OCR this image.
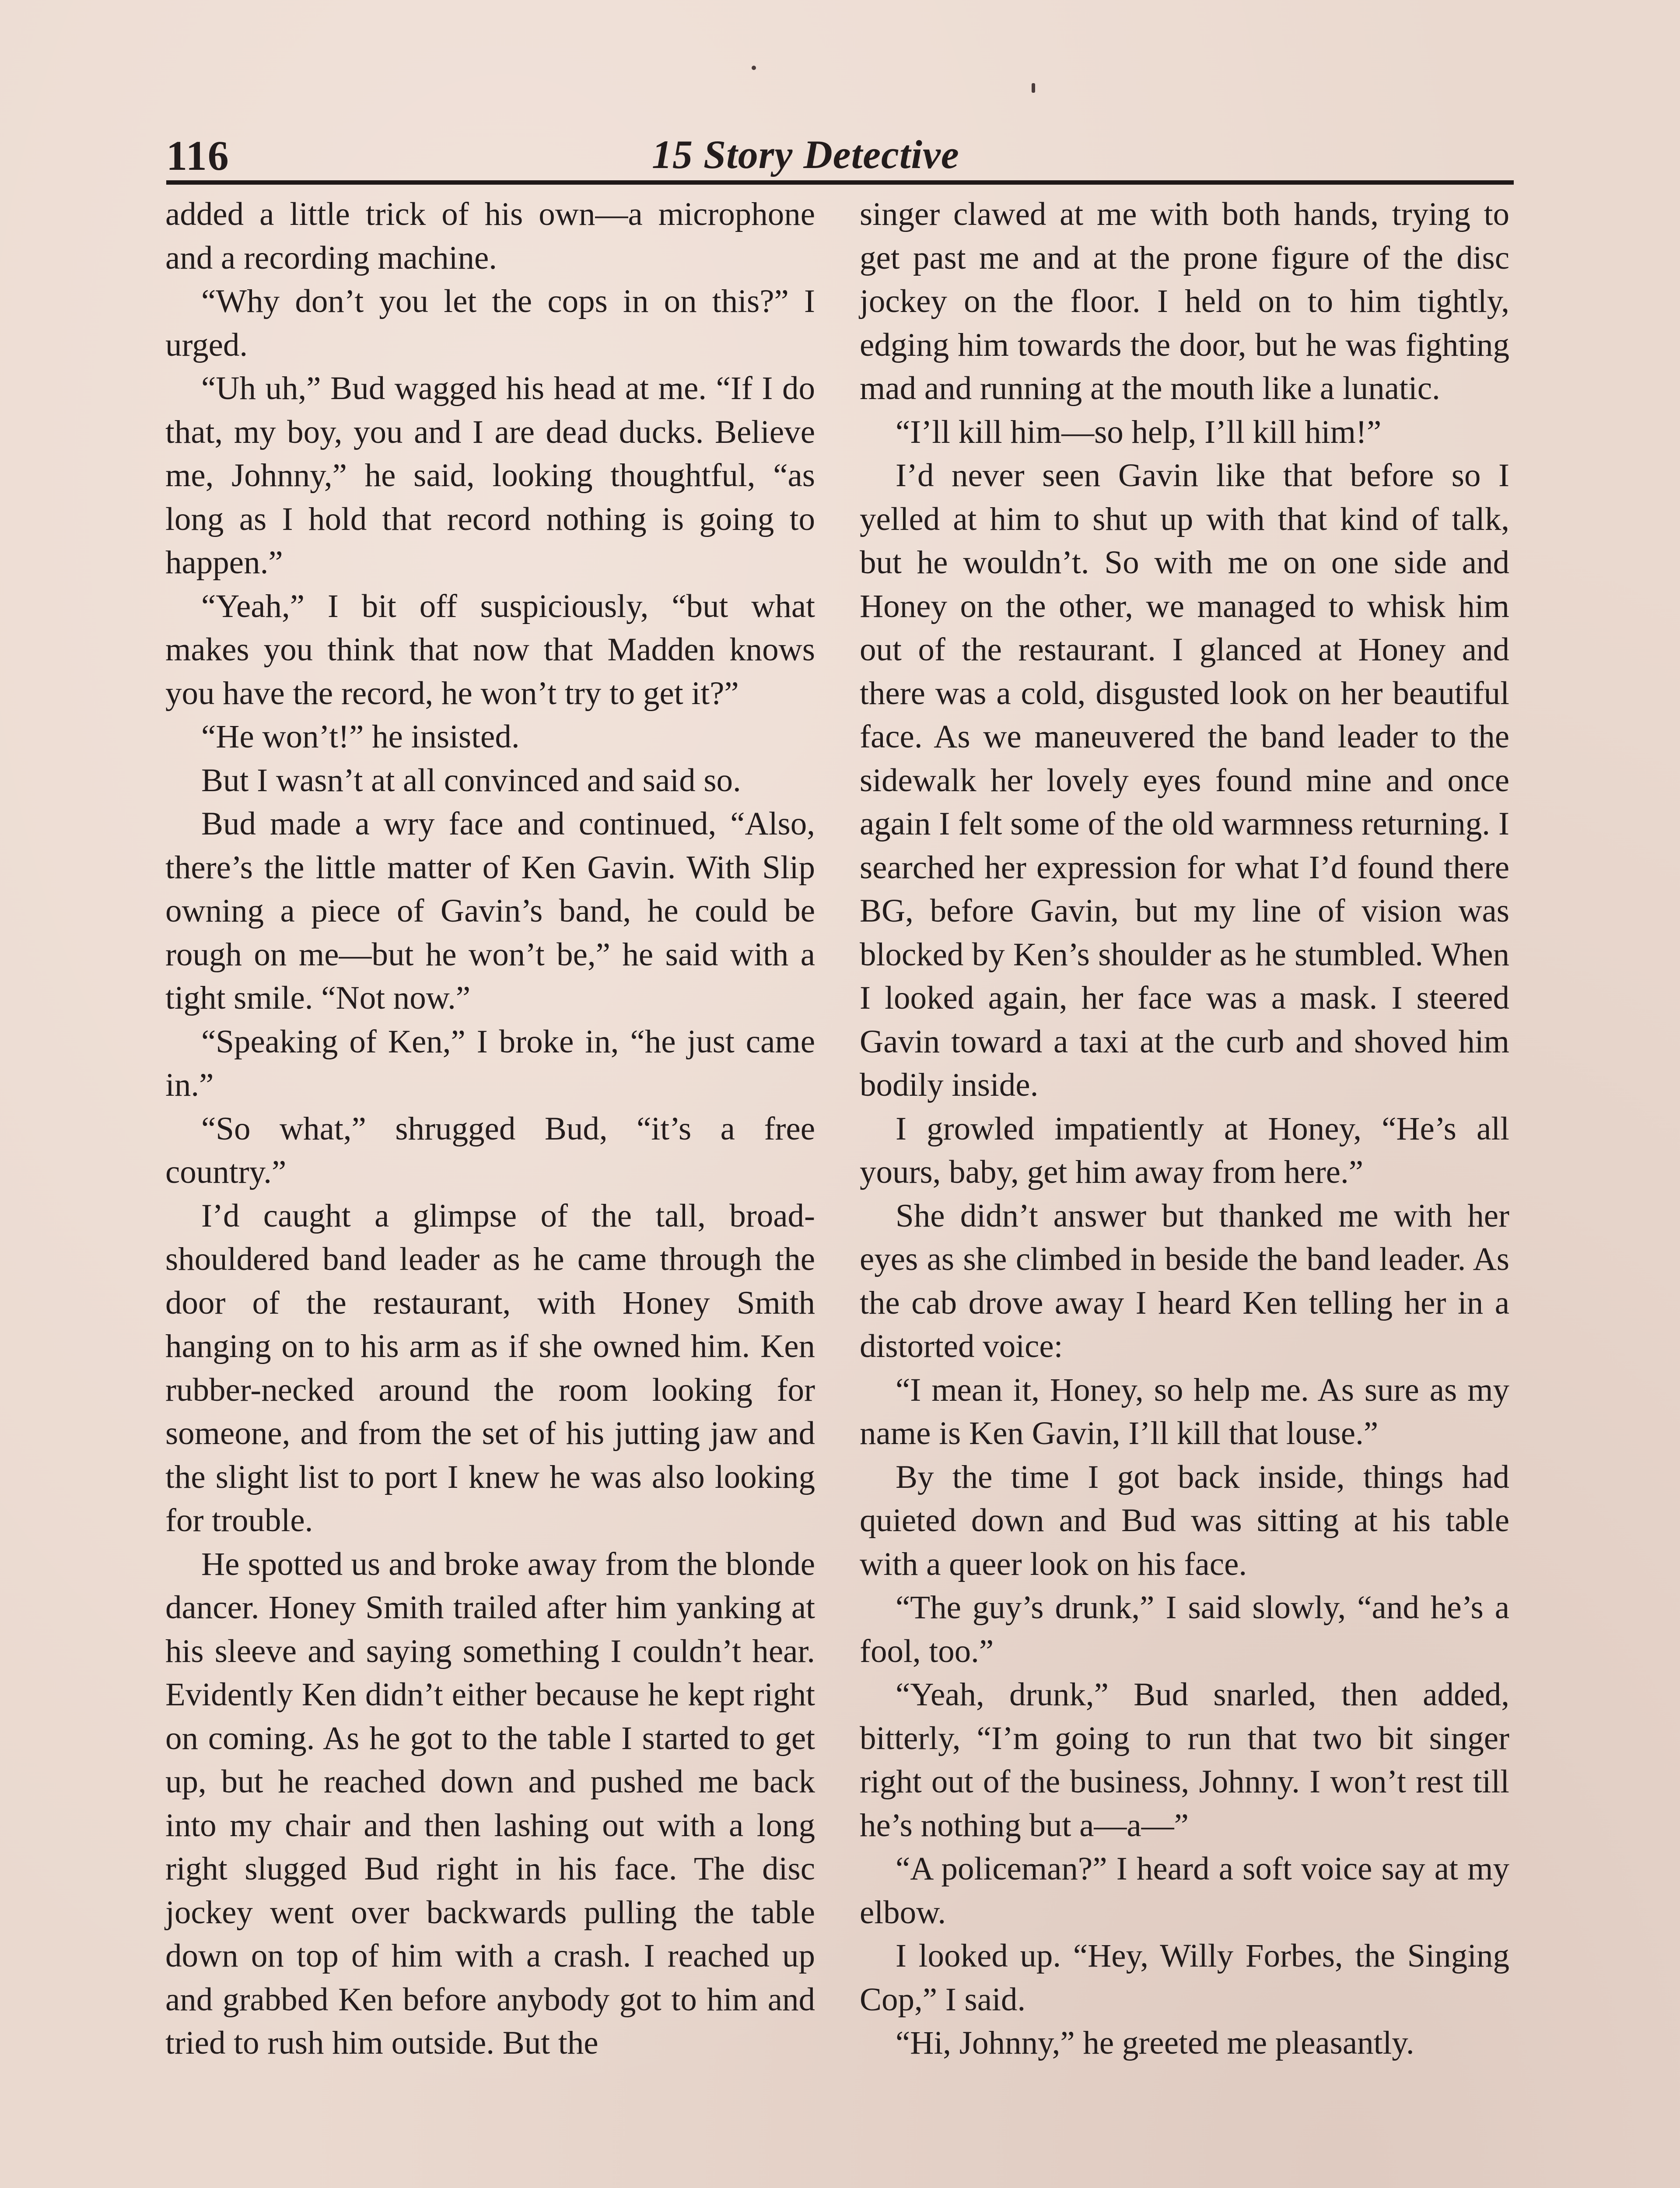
116	15 Story Detective

added a little trick of his own—a microphone and a recording machine.

“Why don’t you let the cops in on this?” I urged.

“Uh uh,” Bud wagged his head at me. “If I do that, my boy, you and I are dead ducks. Believe me, Johnny,” he said, looking thoughtful, “as long as I hold that record nothing is going to happen.”

“Yeah,” I bit off suspiciously, “but what makes you think that now that Madden knows you have the record, he won’t try to get it?”

“He won’t!” he insisted.

But I wasn’t at all convinced and said so.

Bud made a wry face and continued, “Also, there’s the little matter of Ken Gavin. With Slip owning a piece of Gavin’s band, he could be rough on me—but he won’t be,” he said with a tight smile. “Not now.”

“Speaking of Ken,” I broke in, “he just came in.”

“So what,” shrugged Bud, “it’s a free country.”

I’d caught a glimpse of the tall, broad-shouldered band leader as he came through the door of the restaurant, with Honey Smith hanging on to his arm as if she owned him. Ken rubber-necked around the room looking for someone, and from the set of his jutting jaw and the slight list to port I knew he was also looking for trouble.

He spotted us and broke away from the blonde dancer. Honey Smith trailed after him yanking at his sleeve and saying something I couldn’t hear. Evidently Ken didn’t either because he kept right on coming. As he got to the table I started to get up, but he reached down and pushed me back into my chair and then lashing out with a long right slugged Bud right in his face. The disc jockey went over backwards pulling the table down on top of him with a crash. I reached up and grabbed Ken before anybody got to him and tried to rush him outside. But the

singer clawed at me with both hands, trying to get past me and at the prone figure of the disc jockey on the floor. I held on to him tightly, edging him towards the door, but he was fighting mad and running at the mouth like a lunatic.

“I’ll kill him—so help, I’ll kill him!”

I’d never seen Gavin like that before so I yelled at him to shut up with that kind of talk, but he wouldn’t. So with me on one side and Honey on the other, we managed to whisk him out of the restaurant. I glanced at Honey and there was a cold, disgusted look on her beautiful face. As we maneuvered the band leader to the sidewalk her lovely eyes found mine and once again I felt some of the old warmness returning. I searched her expression for what I’d found there BG, before Gavin, but my line of vision was blocked by Ken’s shoulder as he stumbled. When I looked again, her face was a mask. I steered Gavin toward a taxi at the curb and shoved him bodily inside.

I growled impatiently at Honey, “He’s all yours, baby, get him away from here.”

She didn’t answer but thanked me with her eyes as she climbed in beside the band leader. As the cab drove away I heard Ken telling her in a distorted voice:

“I mean it, Honey, so help me. As sure as my name is Ken Gavin, I’ll kill that louse.”

By the time I got back inside, things had quieted down and Bud was sitting at his table with a queer look on his face.

“The guy’s drunk,” I said slowly, “and he’s a fool, too.”

“Yeah, drunk,” Bud snarled, then added, bitterly, “I’m going to run that two bit singer right out of the business, Johnny. I won’t rest till he’s nothing but a—a—”

“A policeman?” I heard a soft voice say at my elbow.

I looked up. “Hey, Willy Forbes, the Singing Cop,” I said.

“Hi, Johnny,” he greeted me pleasantly.
